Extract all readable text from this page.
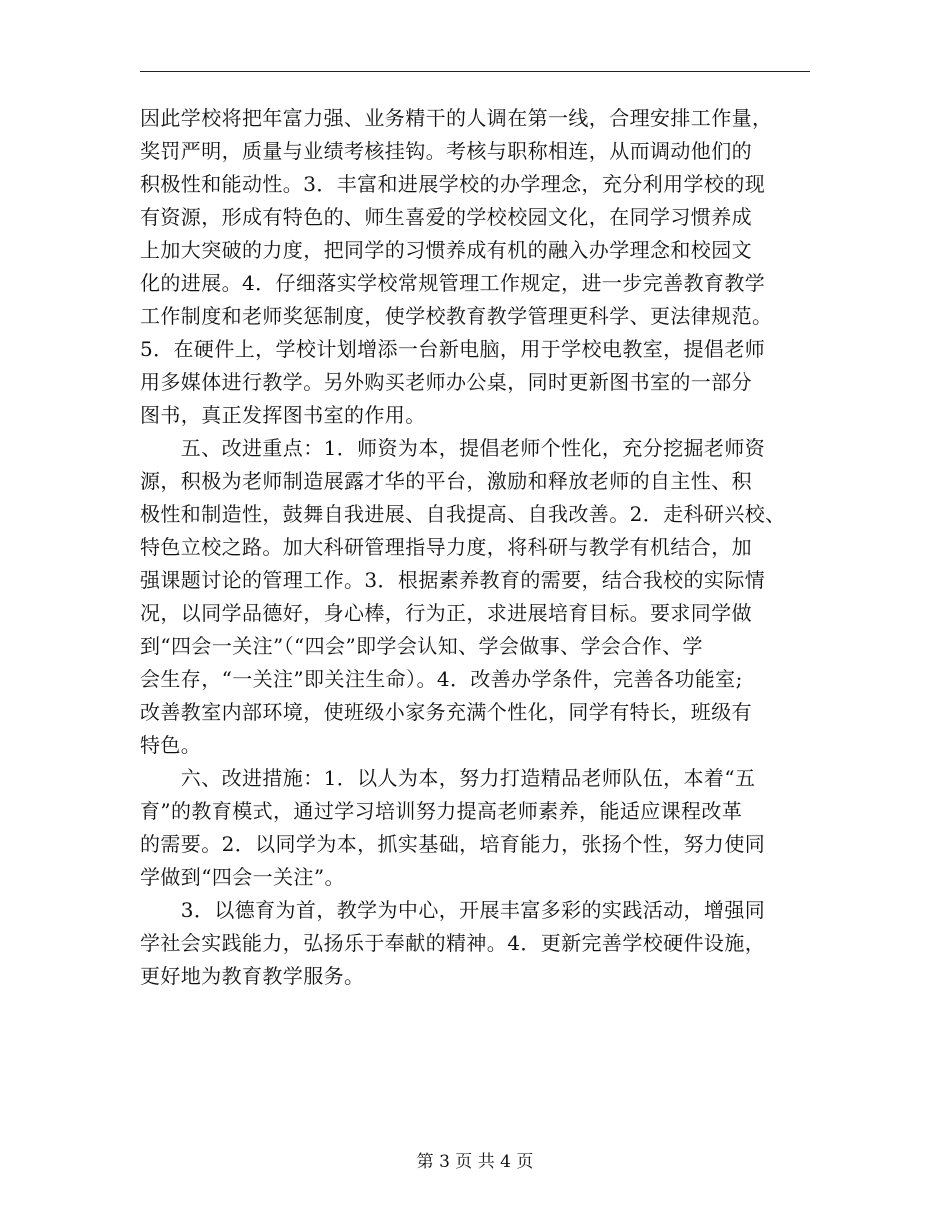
因此学校将把年富力强、业务精干的人调在第一线，合理安排工作量，
奖罚严明，质量与业绩考核挂钩。考核与职称相连，从而调动他们的
积极性和能动性。3．丰富和进展学校的办学理念，充分利用学校的现
有资源，形成有特色的、师生喜爱的学校校园文化，在同学习惯养成
上加大突破的力度，把同学的习惯养成有机的融入办学理念和校园文
化的进展。4．仔细落实学校常规管理工作规定，进一步完善教育教学
工作制度和老师奖惩制度，使学校教育教学管理更科学、更法律规范。
5．在硬件上，学校计划增添一台新电脑，用于学校电教室，提倡老师
用多媒体进行教学。另外购买老师办公桌，同时更新图书室的一部分
图书，真正发挥图书室的作用。
　　五、改进重点：1．师资为本，提倡老师个性化，充分挖掘老师资
源，积极为老师制造展露才华的平台，激励和释放老师的自主性、积
极性和制造性，鼓舞自我进展、自我提高、自我改善。2．走科研兴校、
特色立校之路。加大科研管理指导力度，将科研与教学有机结合，加
强课题讨论的管理工作。3．根据素养教育的需要，结合我校的实际情
况，以同学品德好，身心棒，行为正，求进展培育目标。要求同学做
到“四会一关注”（“四会”即学会认知、学会做事、学会合作、学
会生存，“一关注”即关注生命）。4．改善办学条件，完善各功能室;
改善教室内部环境，使班级小家务充满个性化，同学有特长，班级有
特色。
　　六、改进措施：1．以人为本，努力打造精品老师队伍，本着“五
育”的教育模式，通过学习培训努力提高老师素养，能适应课程改革
的需要。2．以同学为本，抓实基础，培育能力，张扬个性，努力使同
学做到“四会一关注”。
　　3．以德育为首，教学为中心，开展丰富多彩的实践活动，增强同
学社会实践能力，弘扬乐于奉献的精神。4．更新完善学校硬件设施，
更好地为教育教学服务。
第 3 页 共 4 页
